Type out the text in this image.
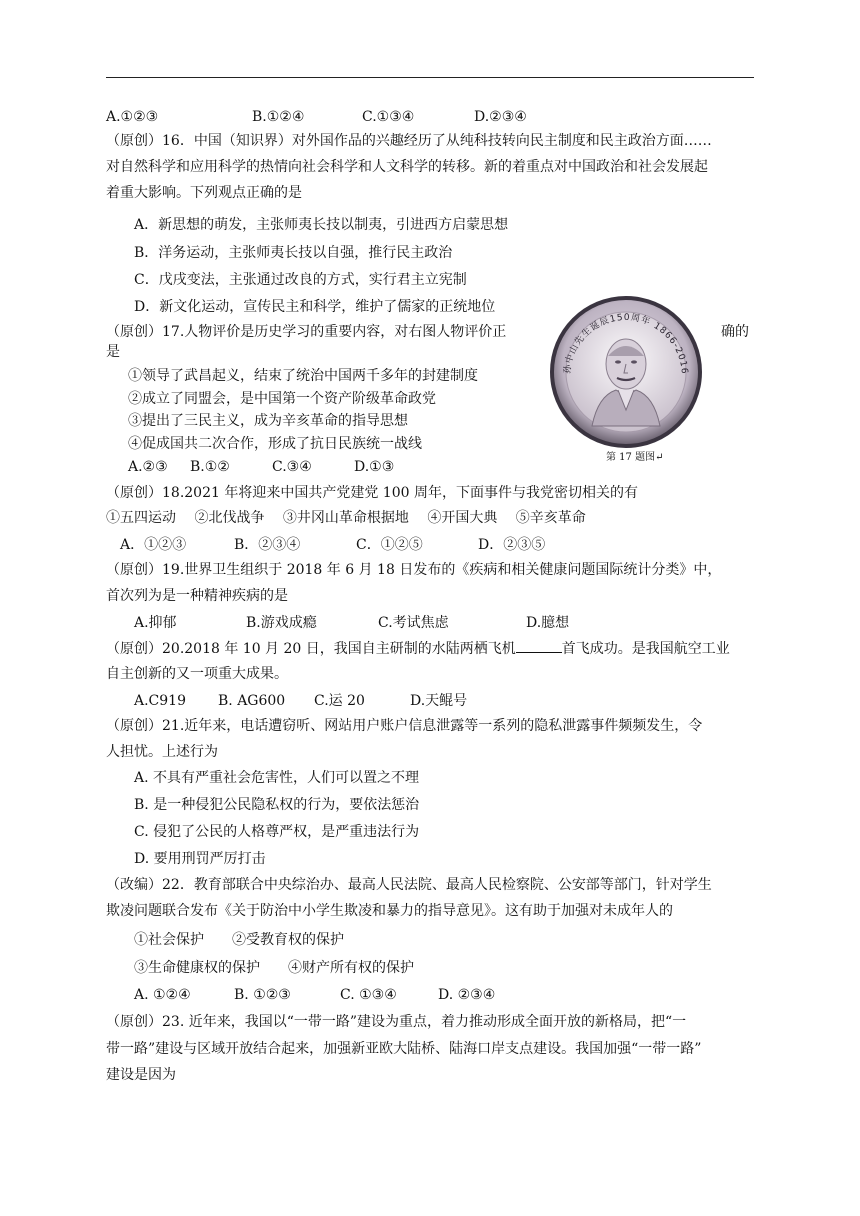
A.①②③	B.①②④	C.①③④	D.②③④
（原创）16．中国（知识界）对外国作品的兴趣经历了从纯科技转向民主制度和民主政治方面……
对自然科学和应用科学的热情向社会科学和人文科学的转移。新的着重点对中国政治和社会发展起
着重大影响。下列观点正确的是
A．新思想的萌发，主张师夷长技以制夷，引进西方启蒙思想
B．洋务运动，主张师夷长技以自强，推行民主政治
C．戊戌变法，主张通过改良的方式，实行君主立宪制
D．新文化运动，宣传民主和科学，维护了儒家的正统地位
（原创）17.人物评价是历史学习的重要内容，对右图人物评价正	确的
是
①领导了武昌起义，结束了统治中国两千多年的封建制度
②成立了同盟会，是中国第一个资产阶级革命政党
③提出了三民主义，成为辛亥革命的指导思想
④促成国共二次合作，形成了抗日民族统一战线
A.②③ B.①②	C.③④	D.①③
孙中山先生诞辰150周年 1866-2016
第 17 题图↵
（原创）18.2021 年将迎来中国共产党建党 100 周年，下面事件与我党密切相关的有
①五四运动　 ②北伐战争　 ③井冈山革命根据地　 ④开国大典　 ⑤辛亥革命
A．①②③	B．②③④	C．①②⑤	D．②③⑤
（原创）19.世界卫生组织于 2018 年 6 月 18 日发布的《疾病和相关健康问题国际统计分类》中，
首次列为是一种精神疾病的是
A.抑郁	B.游戏成瘾	C.考试焦虑	D.臆想
（原创）20.2018 年 10 月 20 日，我国自主研制的水陆两栖飞机	首飞成功。是我国航空工业
自主创新的又一项重大成果。
A.C919 B. AG600 C.运 20	D.天鲲号
（原创）21.近年来，电话遭窃听、网站用户账户信息泄露等一系列的隐私泄露事件频频发生，令
人担忧。上述行为
A. 不具有严重社会危害性，人们可以置之不理
B. 是一种侵犯公民隐私权的行为，要依法惩治
C. 侵犯了公民的人格尊严权，是严重违法行为
D. 要用刑罚严厉打击
（改编）22．教育部联合中央综治办、最高人民法院、最高人民检察院、公安部等部门，针对学生
欺凌问题联合发布《关于防治中小学生欺凌和暴力的指导意见》。这有助于加强对未成年人的
①社会保护　　②受教育权的保护
③生命健康权的保护　　④财产所有权的保护
A. ①②④	B. ①②③	C. ①③④	D. ②③④
（原创）23. 近年来，我国以“一带一路”建设为重点，着力推动形成全面开放的新格局，把“一
带一路”建设与区域开放结合起来，加强新亚欧大陆桥、陆海口岸支点建设。我国加强“一带一路”
建设是因为
